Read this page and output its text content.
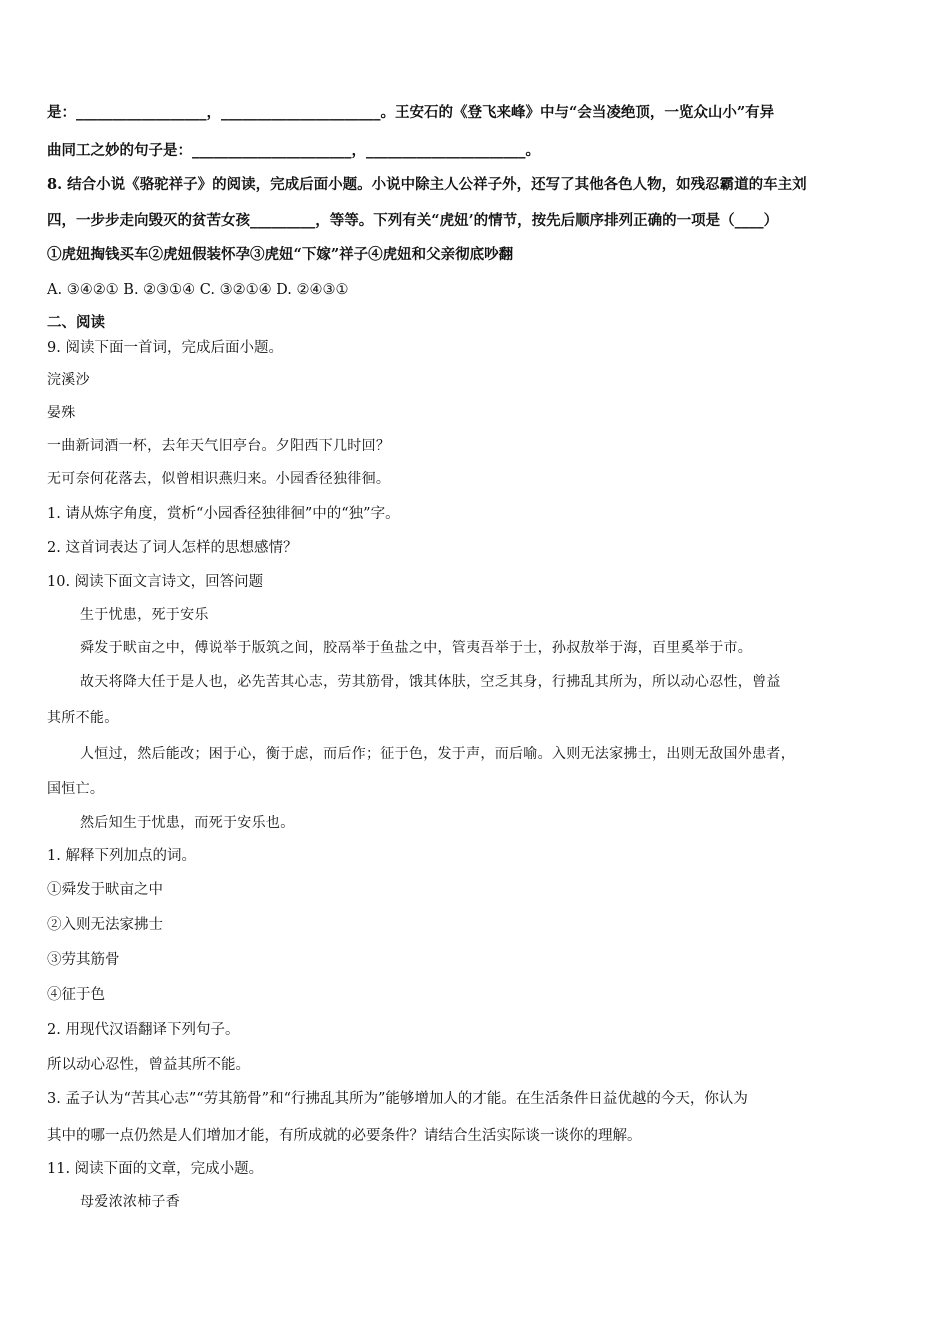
是：__________________，______________________。王安石的《登飞来峰》中与“会当凌绝顶，一览众山小”有异
曲同工之妙的句子是：______________________，______________________。
8. 结合小说《骆驼祥子》的阅读，完成后面小题。小说中除主人公祥子外，还写了其他各色人物，如残忍霸道的车主刘
四，一步步走向毁灭的贫苦女孩_________，等等。下列有关“虎妞’的情节，按先后顺序排列正确的一项是（____）
①虎妞掏钱买车②虎妞假装怀孕③虎妞“下嫁”祥子④虎妞和父亲彻底吵翻
A. ③④②① B. ②③①④ C. ③②①④ D. ②④③①
二、阅读
9. 阅读下面一首词，完成后面小题。
浣溪沙
晏殊
一曲新词酒一杯，去年天气旧亭台。夕阳西下几时回？
无可奈何花落去，似曾相识燕归来。小园香径独徘徊。
1. 请从炼字角度，赏析“小园香径独徘徊”中的“独”字。
2. 这首词表达了词人怎样的思想感情？
10. 阅读下面文言诗文，回答问题
生于忧患，死于安乐
舜发于畎亩之中，傅说举于版筑之间，胶鬲举于鱼盐之中，管夷吾举于士，孙叔敖举于海，百里奚举于市。
故天将降大任于是人也，必先苦其心志，劳其筋骨，饿其体肤，空乏其身，行拂乱其所为，所以动心忍性，曾益
其所不能。
人恒过，然后能改；困于心，衡于虑，而后作；征于色，发于声，而后喻。入则无法家拂士，出则无敌国外患者，
国恒亡。
然后知生于忧患，而死于安乐也。
1. 解释下列加点的词。
①舜发于畎亩之中
②入则无法家拂士
③劳其筋骨
④征于色
2. 用现代汉语翻译下列句子。
所以动心忍性，曾益其所不能。
3. 孟子认为“苦其心志”“劳其筋骨”和“行拂乱其所为”能够增加人的才能。在生活条件日益优越的今天，你认为
其中的哪一点仍然是人们增加才能，有所成就的必要条件？请结合生活实际谈一谈你的理解。
11. 阅读下面的文章，完成小题。
母爱浓浓柿子香
